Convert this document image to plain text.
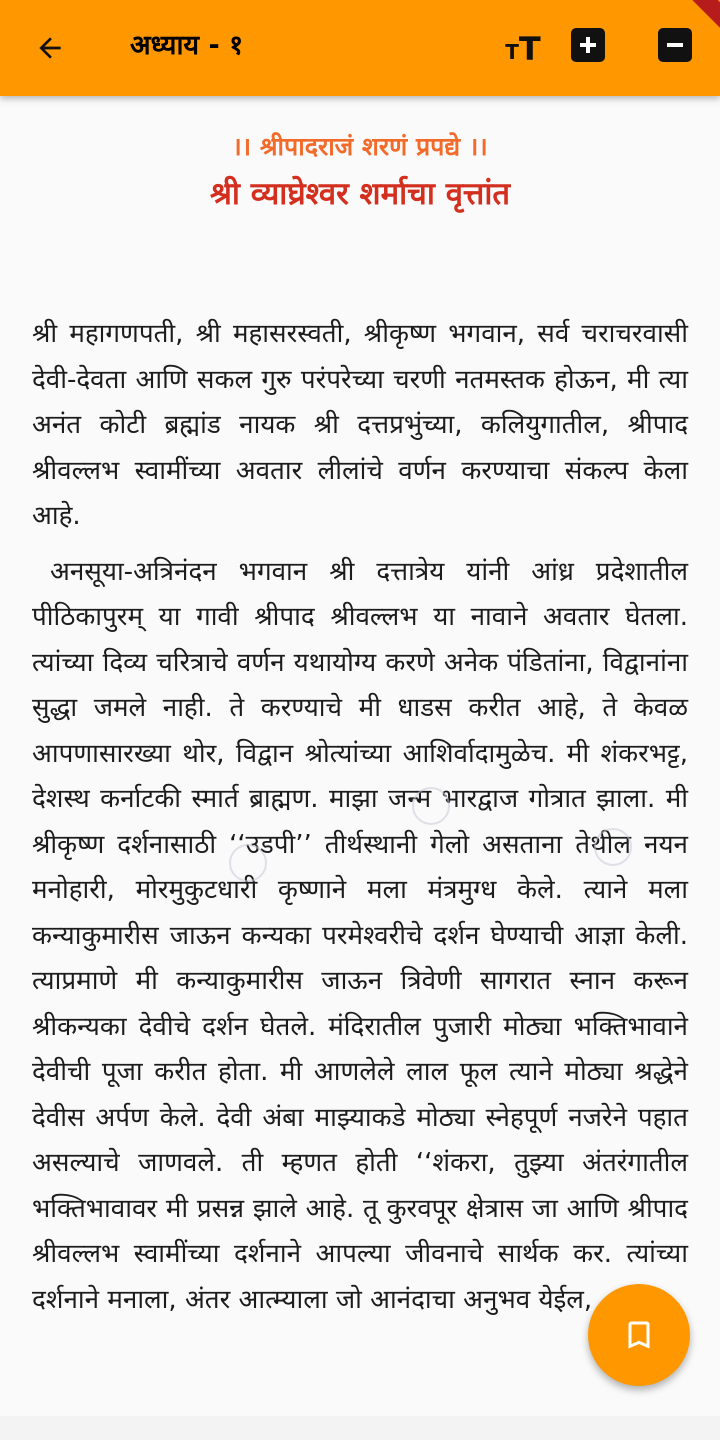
अध्याय - १	T T
।। श्रीपादराजं शरणं प्रपद्ये ।।
श्री व्याघ्रेश्वर शर्माचा वृत्तांत

श्री महागणपती, श्री महासरस्वती, श्रीकृष्ण भगवान, सर्व चराचरवासी देवी-देवता आणि सकल गुरु परंपरेच्या चरणी नतमस्तक होऊन, मी त्या अनंत कोटी ब्रह्मांड नायक श्री दत्तप्रभुंच्या, कलियुगातील, श्रीपाद श्रीवल्लभ स्वामींच्या अवतार लीलांचे वर्णन करण्याचा संकल्प केला आहे.

अनसूया-अत्रिनंदन भगवान श्री दत्तात्रेय यांनी आंध्र प्रदेशातील पीठिकापुरम् या गावी श्रीपाद श्रीवल्लभ या नावाने अवतार घेतला. त्यांच्या दिव्य चरित्राचे वर्णन यथायोग्य करणे अनेक पंडितांना, विद्वानांना सुद्धा जमले नाही. ते करण्याचे मी धाडस करीत आहे, ते केवळ आपणासारख्या थोर, विद्वान श्रोत्यांच्या आशिर्वादामुळेच. मी शंकरभट्ट, देशस्थ कर्नाटकी स्मार्त ब्राह्मण. माझा जन्म भारद्वाज गोत्रात झाला. मी श्रीकृष्ण दर्शनासाठी ‘‘उडपी’’ तीर्थस्थानी गेलो असताना तेथील नयन मनोहारी, मोरमुकुटधारी कृष्णाने मला मंत्रमुग्ध केले. त्याने मला कन्याकुमारीस जाऊन कन्यका परमेश्वरीचे दर्शन घेण्याची आज्ञा केली. त्याप्रमाणे मी कन्याकुमारीस जाऊन त्रिवेणी सागरात स्नान करून श्रीकन्यका देवीचे दर्शन घेतले. मंदिरातील पुजारी मोठ्या भक्तिभावाने देवीची पूजा करीत होता. मी आणलेले लाल फूल त्याने मोठ्या श्रद्धेने देवीस अर्पण केले. देवी अंबा माझ्याकडे मोठ्या स्नेहपूर्ण नजरेने पहात असल्याचे जाणवले. ती म्हणत होती ‘‘शंकरा, तुझ्या अंतरंगातील भक्तिभावावर मी प्रसन्न झाले आहे. तू कुरवपूर क्षेत्रास जा आणि श्रीपाद श्रीवल्लभ स्वामींच्या दर्शनाने आपल्या जीवनाचे सार्थक कर. त्यांच्या दर्शनाने मनाला, अंतर आत्म्याला जो आनंदाचा अनुभव येईल,
